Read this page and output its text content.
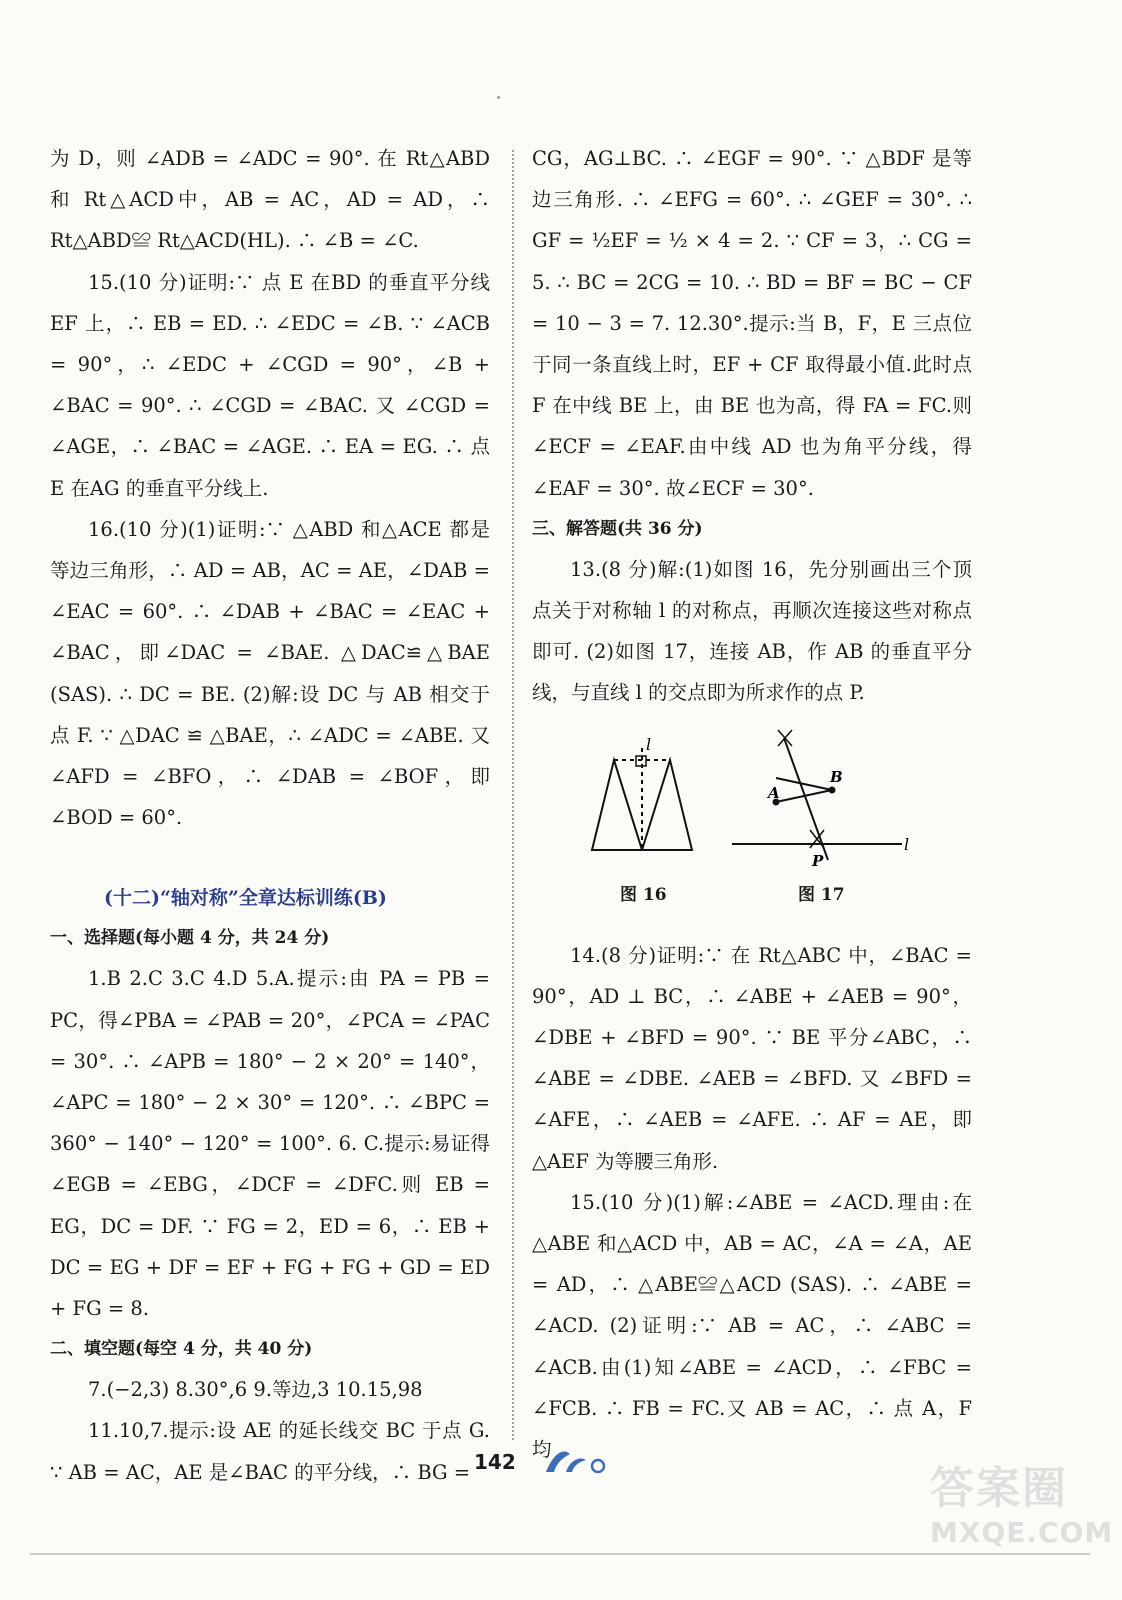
为 D，则 ∠ADB = ∠ADC = 90°. 在 Rt△ABD 和 Rt△ACD中，AB = AC，AD = AD，∴ Rt△ABD≌ Rt△ACD(HL). ∴ ∠B = ∠C.

15.(10 分)证明:∵ 点 E 在BD 的垂直平分线 EF 上，∴ EB = ED. ∴ ∠EDC = ∠B. ∵ ∠ACB = 90°，∴ ∠EDC + ∠CGD = 90°，∠B + ∠BAC = 90°. ∴ ∠CGD = ∠BAC. 又 ∠CGD = ∠AGE，∴ ∠BAC = ∠AGE. ∴ EA = EG. ∴ 点 E 在AG 的垂直平分线上.

16.(10 分)(1)证明:∵ △ABD 和△ACE 都是等边三角形，∴ AD = AB，AC = AE，∠DAB = ∠EAC = 60°. ∴ ∠DAB + ∠BAC = ∠EAC + ∠BAC，即∠DAC = ∠BAE. △DAC≌△BAE (SAS). ∴ DC = BE. (2)解:设 DC 与 AB 相交于点 F. ∵ △DAC ≌ △BAE，∴ ∠ADC = ∠ABE. 又 ∠AFD = ∠BFO，∴ ∠DAB = ∠BOF，即∠BOD = 60°.

(十二)“轴对称”全章达标训练(B)

一、选择题(每小题 4 分，共 24 分)

1.B 2.C 3.C 4.D 5.A.提示:由 PA = PB = PC，得∠PBA = ∠PAB = 20°，∠PCA = ∠PAC = 30°. ∴ ∠APB = 180° − 2 × 20° = 140°，∠APC = 180° − 2 × 30° = 120°. ∴ ∠BPC = 360° − 140° − 120° = 100°. 6. C.提示:易证得∠EGB = ∠EBG，∠DCF = ∠DFC.则 EB = EG，DC = DF. ∵ FG = 2，ED = 6，∴ EB + DC = EG + DF = EF + FG + FG + GD = ED + FG = 8.

二、填空题(每空 4 分，共 40 分)

7.(−2,3) 8.30°,6 9.等边,3 10.15,98

11.10,7.提示:设 AE 的延长线交 BC 于点 G. ∵ AB = AC，AE 是∠BAC 的平分线，∴ BG =

CG，AG⊥BC. ∴ ∠EGF = 90°. ∵ △BDF 是等边三角形. ∴ ∠EFG = 60°. ∴ ∠GEF = 30°. ∴ GF = ½EF = ½ × 4 = 2. ∵ CF = 3，∴ CG = 5. ∴ BC = 2CG = 10. ∴ BD = BF = BC − CF = 10 − 3 = 7. 12.30°.提示:当 B，F，E 三点位于同一条直线上时，EF + CF 取得最小值.此时点 F 在中线 BE 上，由 BE 也为高，得 FA = FC.则 ∠ECF = ∠EAF.由中线 AD 也为角平分线，得∠EAF = 30°. 故∠ECF = 30°.

三、解答题(共 36 分)

13.(8 分)解:(1)如图 16，先分别画出三个顶点关于对称轴 l 的对称点，再顺次连接这些对称点即可. (2)如图 17，连接 AB，作 AB 的垂直平分线，与直线 l 的交点即为所求作的点 P.

l
A
B
P
l
图 16	图 17

14.(8 分)证明:∵ 在 Rt△ABC 中，∠BAC = 90°，AD ⊥ BC，∴ ∠ABE + ∠AEB = 90°，∠DBE + ∠BFD = 90°. ∵ BE 平分∠ABC，∴ ∠ABE = ∠DBE. ∠AEB = ∠BFD. 又 ∠BFD = ∠AFE，∴ ∠AEB = ∠AFE. ∴ AF = AE，即△AEF 为等腰三角形.

15.(10 分)(1)解:∠ABE = ∠ACD.理由:在 △ABE 和△ACD 中，AB = AC，∠A = ∠A，AE = AD，∴ △ABE≌△ACD (SAS). ∴ ∠ABE = ∠ACD. (2)证明:∵ AB = AC，∴ ∠ABC = ∠ACB.由(1)知∠ABE = ∠ACD，∴ ∠FBC = ∠FCB. ∴ FB = FC.又 AB = AC，∴ 点 A，F 均

142
答案圈
MXQE.COM
